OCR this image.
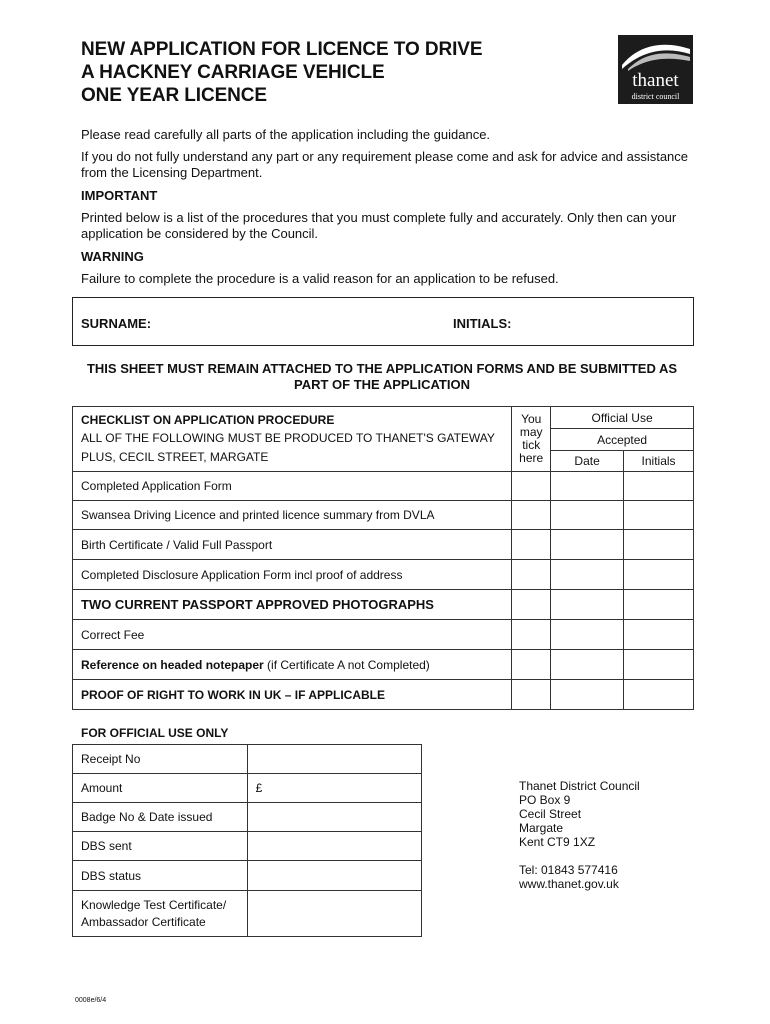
NEW APPLICATION FOR LICENCE TO DRIVE
A HACKNEY CARRIAGE VEHICLE
ONE YEAR LICENCE
thanet
district council
Please read carefully all parts of the application including the guidance.
If you do not fully understand any part or any requirement please come and ask for advice and assistance from the Licensing Department.
IMPORTANT
Printed below is a list of the procedures that you must complete fully and accurately. Only then can your application be considered by the Council.
WARNING
Failure to complete the procedure is a valid reason for an application to be refused.
SURNAME:	INITIALS:
THIS SHEET MUST REMAIN ATTACHED TO THE APPLICATION FORMS AND BE SUBMITTED AS PART OF THE APPLICATION
CHECKLIST ON APPLICATION PROCEDURE
ALL OF THE FOLLOWING MUST BE PRODUCED TO THANET'S GATEWAY PLUS, CECIL STREET, MARGATE	You may tick here	Official Use	
		Accepted	
		Date	Initials
Completed Application Form			
Swansea Driving Licence and printed licence summary from DVLA			
Birth Certificate / Valid Full Passport			
Completed Disclosure Application Form incl proof of address			
TWO CURRENT PASSPORT APPROVED PHOTOGRAPHS			
Correct Fee			
Reference on headed notepaper (if Certificate A not Completed)			
PROOF OF RIGHT TO WORK IN UK – IF APPLICABLE			
FOR OFFICIAL USE ONLY
Receipt No	
Amount	£
Badge No & Date issued	
DBS sent	
DBS status	

Knowledge Test Certificate/
Ambassador Certificate	

Thanet District Council
PO Box 9
Cecil Street
Margate
Kent CT9 1XZ
Tel: 01843 577416
www.thanet.gov.uk
0008e/6/4
